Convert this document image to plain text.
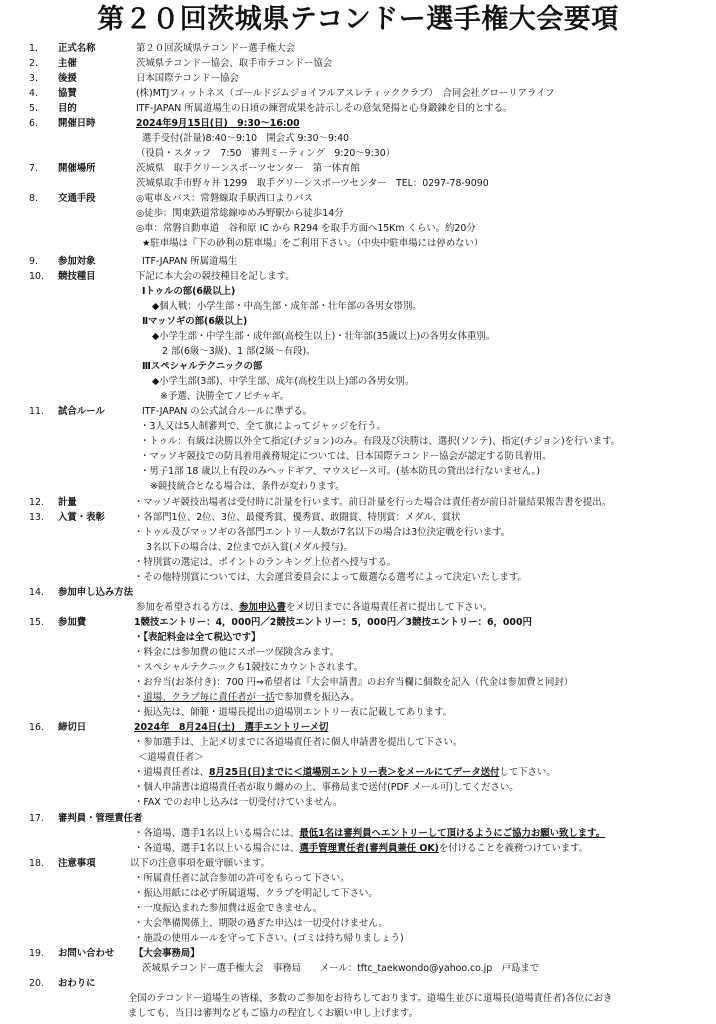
第２０回茨城県テコンドー選手権大会要項
1. 正式名称	第２０回茨城県テコンドー選手権大会
2. 主催	茨城県テコンドー協会、取手市テコンドー協会
3. 後援	日本国際テコンドー協会
4. 協賛	(株)MTJフィットネス（ゴールドジムジョイフルアスレティッククラブ）　合同会社グローリアライフ
5. 目的	ITF-JAPAN 所属道場生の日頃の練習成果を詩示しその意気発揚と心身鍛錬を目的とする。
6. 開催日時	2024年9月15日(日)　9:30〜16:00
選手受付(計量)8:40〜9:10　開会式 9:30〜9:40
（役員・スタッフ　7:50　審判ミーティング　9:20〜9:30）
7. 開催場所	茨城県　取手グリーンスポーツセンター　第一体育館
茨城県取手市野々井 1299　取手グリーンスポーツセンター　TEL：0297-78-9090
8. 交通手段	◎電車＆バス：常磐線取手駅西口よりバス
◎徒歩：関東鉄道常総線ゆめみ野駅から徒歩14分
◎車：常磐自動車道　谷和原 IC から R294 を取手方面へ15Km くらい。約20分
★駐車場は『下の砂利の駐車場』をご利用下さい。（中央中駐車場には停めない）
9. 参加対象	ITF-JAPAN 所属道場生
10. 競技種目	下記に本大会の競技種目を記します。
Ⅰトゥルの部(6級以上)
◆個人戦：小学生部・中高生部・成年部・壮年部の各男女帯別。
Ⅱマッソギの部(6級以上)
◆小学生部・中学生部・成年部(高校生以上)・壮年部(35歳以上)の各男女体重別。
2 部(6級〜3級)、1 部(2級〜有段)。
Ⅲスペシャルテクニックの部
◆小学生部(3部)、中学生部、成年(高校生以上)部の各男女別。
※予選、決勝全てノピチャギ。
11. 試合ルール	ITF-JAPAN の公式試合ルールに準ずる。
・3人又は5人制審判で、全て旗によってジャッジを行う。
・トゥル：有級は決勝以外全て指定(チジョン)のみ。有段及び決勝は、選択(ソンテ)、指定(チジョン)を行います。
・マッソギ競技での防具着用義務規定については、日本国際テコンドー協会が認定する防具着用。
・男子1部 18 歳以上有段のみヘッドギア、マウスピース可。(基本防具の貸出は行ないません。)
※競技統合となる場合は、条件が変わります。
12. 計量	・マッソギ競技出場者は受付時に計量を行います。前日計量を行った場合は責任者が前日計量結果報告書を提出。
13. 入賞・表彰	・各部門1位、2位、3位、最優秀賞、優秀賞、敢闘賞、特別賞：メダル、賞状
・トゥル及びマッソギの各部門エントリー人数が7名以下の場合は3位決定戦を行います。
3名以下の場合は、2位までが入賞(メダル授与)。
・特別賞の選定は、ポイントのランキング上位者へ授与する。
・その他特別賞については、大会運営委員会によって厳選なる選考によって決定いたします。
14. 参加申し込み方法
参加を希望される方は、参加申込書をメ切日までに各道場責任者に提出して下さい。
15. 参加費	1競技エントリー：4，000円／2競技エントリー：5，000円／3競技エントリー：6，000円
・【表記料金は全て税込です】
・料金には参加費の他にスポーツ保険含みます。
・スペシャルテクニックも1競技にカウントされます。
・お弁当(お茶付き)：700 円⇒希望者は『大会申請書』のお弁当欄に個数を記入（代金は参加費と同封）
・道場、クラブ毎に責任者が一括で参加費を振込み。
・振込先は、師範・道場長提出の道場別エントリー表に記載してあります。
16. 締切日	2024年　8月24日(土)　選手エントリーメ切
・参加選手は、上記メ切までに各道場責任者に個人申請書を提出して下さい。
＜道場責任者＞
・道場責任者は、8月25日(日)までに＜道場別エントリー表＞をメールにてデータ送付して下さい。
・個人申請書は道場責任者が取り纏めの上、事務局まで送付(PDF メール可)してください。
・FAX でのお申し込みは一切受付けていません。
17. 審判員・管理責任者
・各道場、選手1名以上いる場合には、最低1名は審判員へエントリーして頂けるようにご協力お願い致します。
・各道場、選手1名以上いる場合には、選手管理責任者(審判員兼任 OK)を付けることを義務つけています。
18. 注意事項	以下の注意事項を厳守願います。
・所属責任者に試合参加の許可をもらって下さい。
・振込用紙には必ず所属道場、クラブを明記して下さい。
・一度振込まれた参加費は返金できません。
・大会準備関係上、期限の過ぎた申込は一切受付けません。
・施設の使用ルールを守って下さい。(ゴミは持ち帰りましょう)
19. お問い合わせ 【大会事務局】
茨城県テコンドー選手権大会　事務局　　メール：tftc_taekwondo@yahoo.co.jp　戸島まで
20. おわりに
全国のテコンドー道場生の皆様、多数のご参加をお待ちしております。道場生並びに道場長(道場責任者)各位におき
ましても、当日は審判などもご協力の程宜しくお願い申し上げます。
